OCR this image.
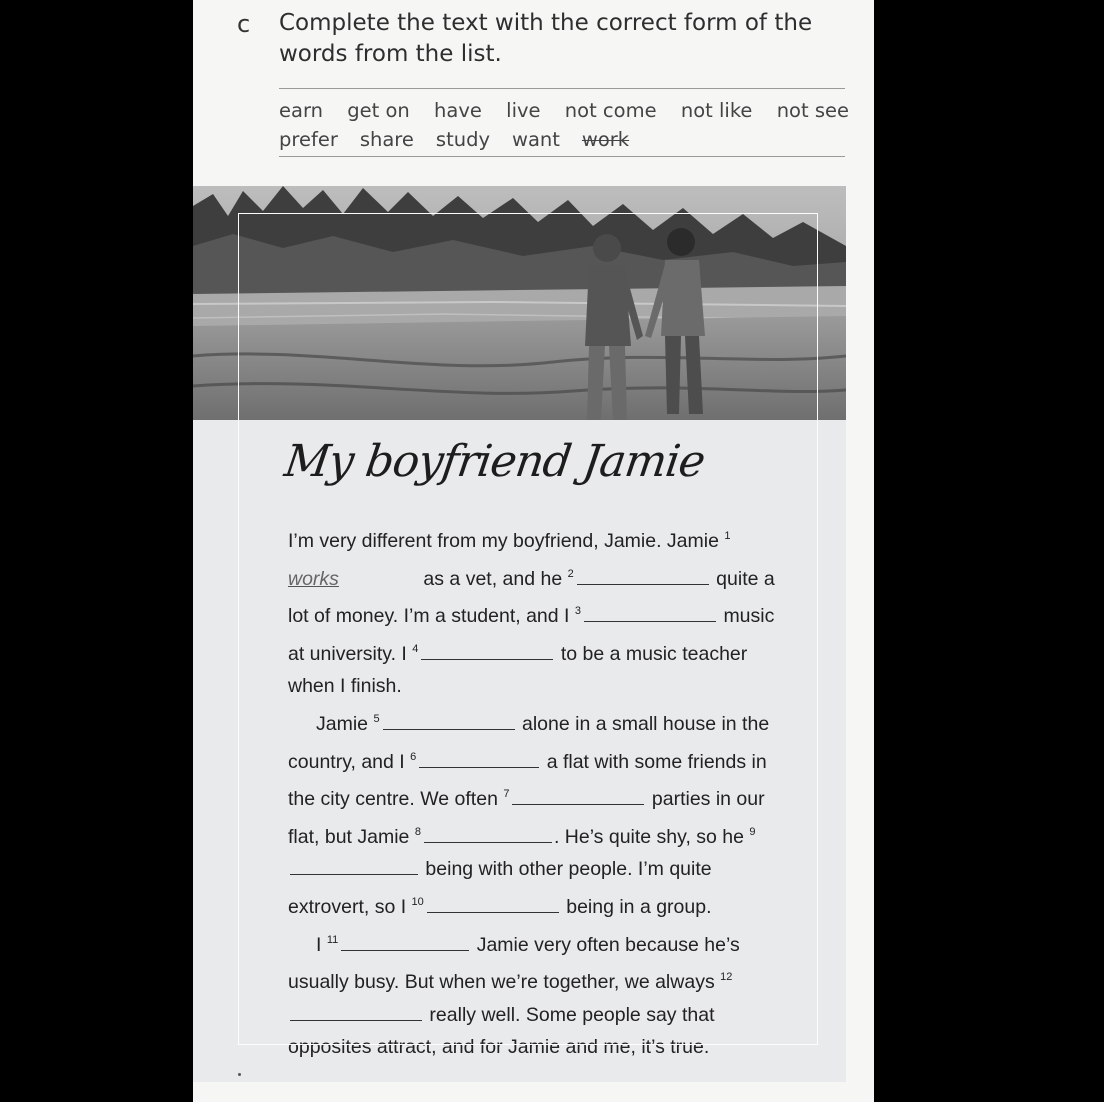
c Complete the text with the correct form of the words from the list.
earn get on have live not come not like not see
prefer share study want work
My boyfriend Jamie

I’m very different from my boyfriend, Jamie. Jamie $^1$works	as a vet, and he $^2$	quite a lot of money. I’m a student, and I $^3$	music at university. I $^4$	to be a music teacher when I finish.

Jamie $^5$	alone in a small house in the country, and I $^6$	a flat with some friends in the city centre. We often $^7$	parties in our flat, but Jamie $^8$	. He’s quite shy, so he $^9$ being with other people. I’m quite extrovert, so I $^{10}$	being in a group.

I $^{11}$	Jamie very often because he’s usually busy. But when we’re together, we always $^{12}$ really well. Some people say that opposites attract, and for Jamie and me, it’s true.
